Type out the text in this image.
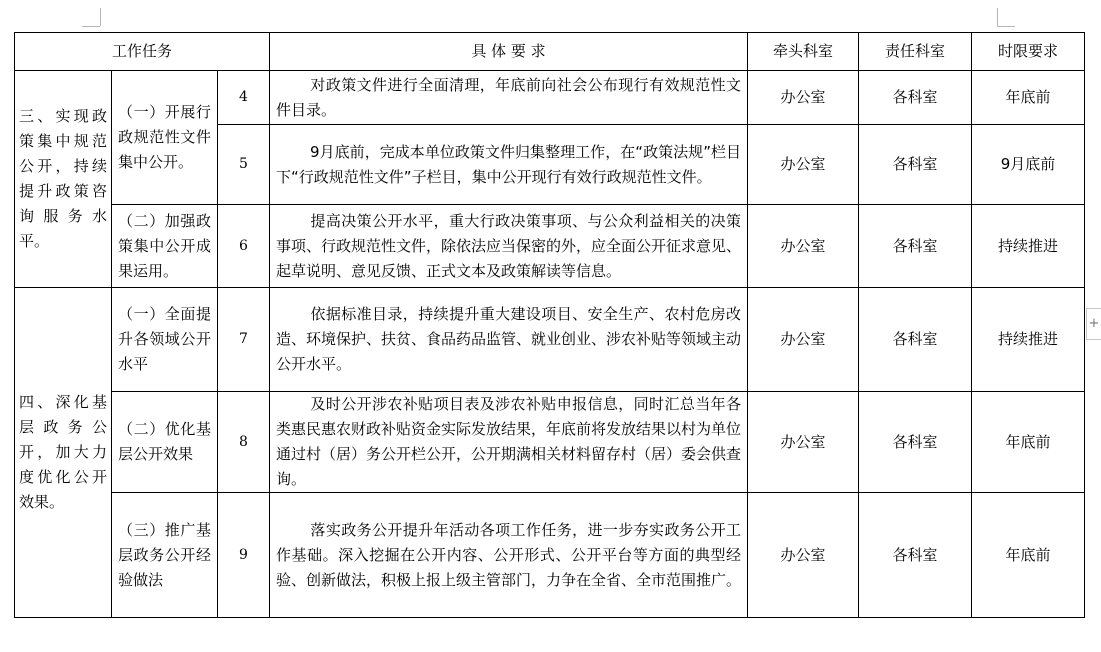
+
工作任务			具 体 要 求	牵头科室	责任科室	时限要求
三、实现政策集中规范公开，持续提升政策咨询服务水平。	（一）开展行政规范性文件集中公开。	4	对政策文件进行全面清理，年底前向社会公布现行有效规范性文件目录。	办公室	各科室	年底前
		5	9月底前，完成本单位政策文件归集整理工作，在“政策法规”栏目下“行政规范性文件”子栏目，集中公开现行有效行政规范性文件。	办公室	各科室	9月底前
	（二）加强政策集中公开成果运用。	6	提高决策公开水平，重大行政决策事项、与公众利益相关的决策事项、行政规范性文件，除依法应当保密的外，应全面公开征求意见、起草说明、意见反馈、正式文本及政策解读等信息。	办公室	各科室	持续推进
四、深化基层政务公开，加大力度优化公开效果。	（一）全面提升各领域公开水平	7	依据标准目录，持续提升重大建设项目、安全生产、农村危房改造、环境保护、扶贫、食品药品监管、就业创业、涉农补贴等领域主动公开水平。	办公室	各科室	持续推进
	（二）优化基层公开效果	8	及时公开涉农补贴项目表及涉农补贴申报信息，同时汇总当年各类惠民惠农财政补贴资金实际发放结果，年底前将发放结果以村为单位通过村（居）务公开栏公开，公开期满相关材料留存村（居）委会供查询。	办公室	各科室	年底前
	（三）推广基层政务公开经验做法	9	落实政务公开提升年活动各项工作任务，进一步夯实政务公开工作基础。深入挖掘在公开内容、公开形式、公开平台等方面的典型经验、创新做法，积极上报上级主管部门，力争在全省、全市范围推广。	办公室	各科室	年底前
